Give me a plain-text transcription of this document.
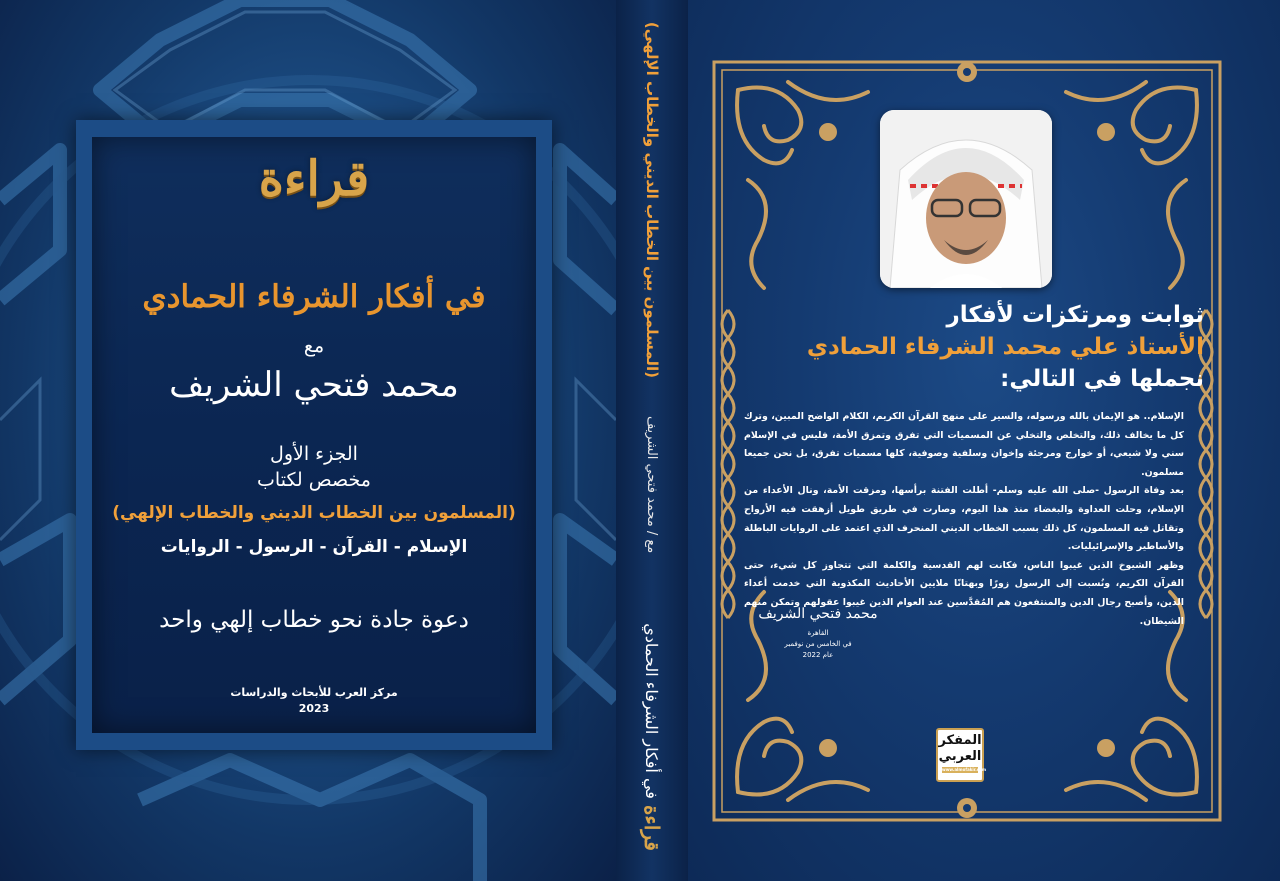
قراءة
في أفكار الشرفاء الحمادي
مع
محمد فتحي الشريف
الجزء الأول
مخصص لكتاب
(المسلمون بين الخطاب الديني والخطاب الإلهي)
الإسلام - القرآن - الرسول - الروايات
دعوة جادة نحو خطاب إلهي واحد
مركز العرب للأبحاث والدراسات
2023
قراءة
في أفكار الشرفاء الحمادي
مع / محمد فتحي الشريف
(المسلمون بين الخطاب الديني والخطاب الإلهي)	ثوابت ومرتكزات لأفكار
الأستاذ علي محمد الشرفاء الحمادي
نجملها في التالي:

الإسلام.. هو الإيمان بالله ورسوله، والسير على منهج القرآن الكريم، الكلام الواضح المبين، وترك كل ما يخالف ذلك، والتخلص والتخلي عن المسميات التي تفرق وتمزق الأمة، فليس في الإسلام سني ولا شيعي، أو خوارج ومرجئة وإخوان وسلفية وصوفية، كلها مسميات تفرق، بل نحن جميعا مسلمون.

بعد وفاة الرسول -صلى الله عليه وسلم- أطلت الفتنة برأسها، ومزقت الأمة، ونال الأعداء من الإسلام، وحلت العداوة والبغضاء منذ هذا اليوم، وصارت في طريق طويل أزهقت فيه الأرواح وتقاتل فيه المسلمون، كل ذلك بسبب الخطاب الديني المنحرف الذي اعتمد على الروايات الباطلة والأساطير والإسرائيليات.

وظهر الشيوخ الذين غيبوا الناس، فكانت لهم القدسية والكلمة التي تتجاوز كل شيء، حتى القرآن الكريم، ونُسبت إلى الرسول زورًا وبهتانًا ملايين الأحاديث المكذوبة التي خدمت أعداء الدين، وأصبح رجال الدين والمنتفعون هم المُقدَّسين عند العوام الذين غيبوا عقولهم وتمكن منهم الشيطان.

محمد فتحي الشريف
القاهرة
في الخامس من نوفمبر
عام 2022
المفكر
العربي
www.almofakir.com
